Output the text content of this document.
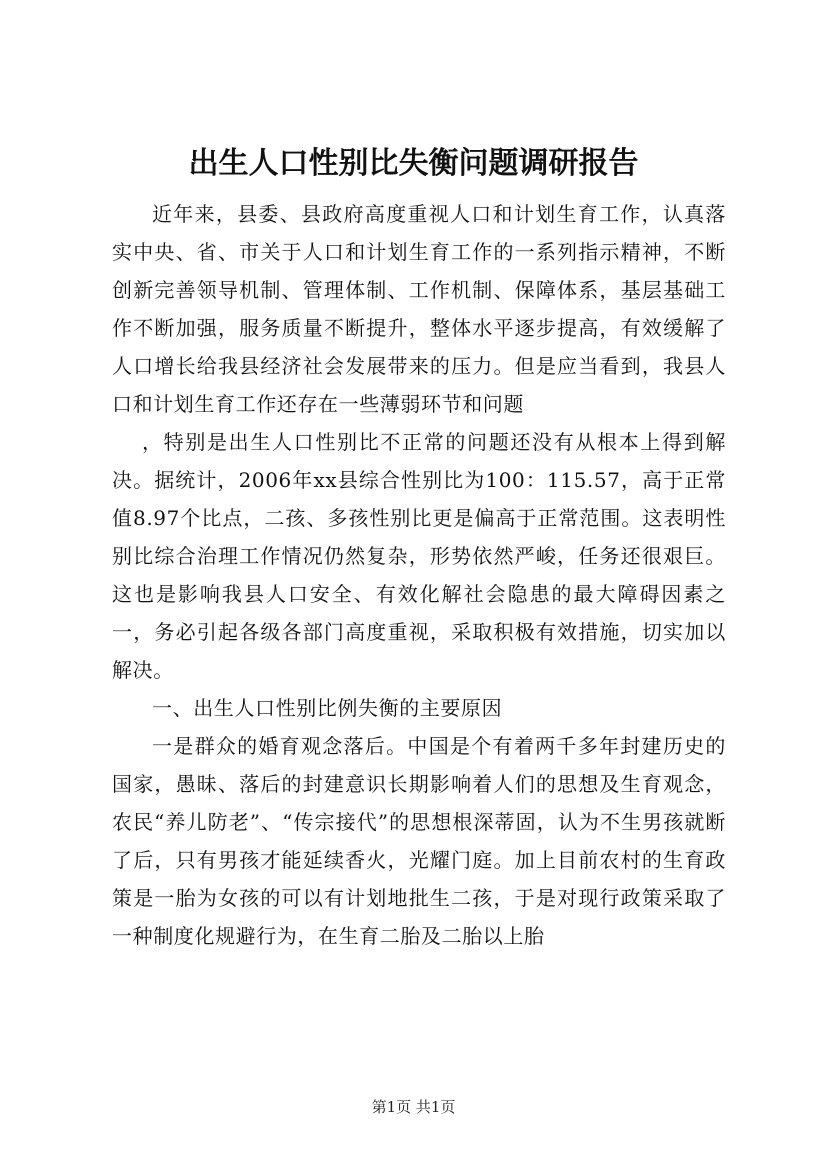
出生人口性别比失衡问题调研报告

近年来，县委、县政府高度重视人口和计划生育工作，认真落实中央、省、市关于人口和计划生育工作的一系列指示精神，不断创新完善领导机制、管理体制、工作机制、保障体系，基层基础工作不断加强，服务质量不断提升，整体水平逐步提高，有效缓解了人口增长给我县经济社会发展带来的压力。但是应当看到，我县人口和计划生育工作还存在一些薄弱环节和问题

，特别是出生人口性别比不正常的问题还没有从根本上得到解决。据统计，2006年xx县综合性别比为100：115.57，高于正常值8.97个比点，二孩、多孩性别比更是偏高于正常范围。这表明性别比综合治理工作情况仍然复杂，形势依然严峻，任务还很艰巨。这也是影响我县人口安全、有效化解社会隐患的最大障碍因素之一，务必引起各级各部门高度重视，采取积极有效措施，切实加以解决。

一、出生人口性别比例失衡的主要原因

一是群众的婚育观念落后。中国是个有着两千多年封建历史的国家，愚昧、落后的封建意识长期影响着人们的思想及生育观念，农民“养儿防老”、“传宗接代”的思想根深蒂固，认为不生男孩就断了后，只有男孩才能延续香火，光耀门庭。加上目前农村的生育政策是一胎为女孩的可以有计划地批生二孩，于是对现行政策采取了一种制度化规避行为，在生育二胎及二胎以上胎

第1页 共1页
